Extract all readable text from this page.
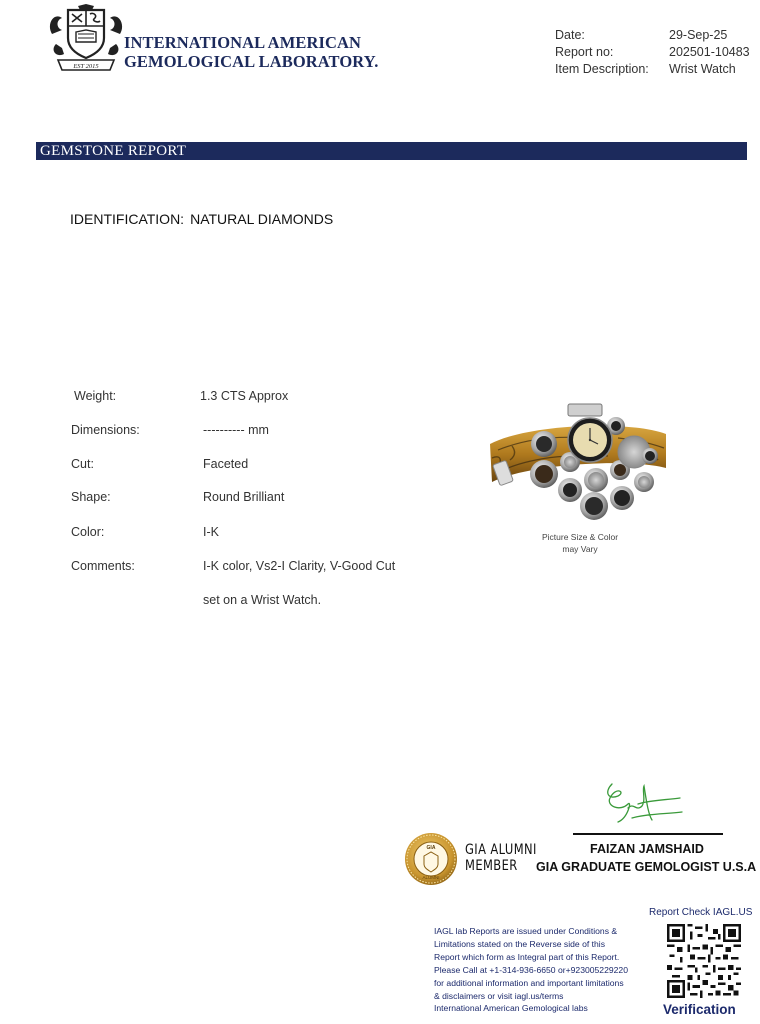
EST 2015
INTERNATIONAL AMERICAN
GEMOLOGICAL LABORATORY.
Date:	29-Sep-25
Report no:	202501-10483
Item Description:	Wrist Watch
GEMSTONE REPORT
IDENTIFICATION: NATURAL DIAMONDS
Weight:	1.3 CTS Approx
Dimensions:	---------- mm
Cut:	Faceted
Shape:	Round Brilliant
Color:	I-K
Comments:	I-K color, Vs2-I Clarity, V-Good Cut
set on a Wrist Watch.
Picture Size & Color
may Vary
FAIZAN JAMSHAID
GIA GRADUATE GEMOLOGIST U.S.A
GIA
ALUMNI
GIA ALUMNI
MEMBER
Report Check IAGL.US
IAGL lab Reports are issued under Conditions &
Limitations stated on the Reverse side of this
Report which form as Integral part of this Report.
Please Call at +1-314-936-6650 or+923005229220
for additional information and important limitations
& disclaimers or visit iagl.us/terms
International American Gemological labs	Verification
